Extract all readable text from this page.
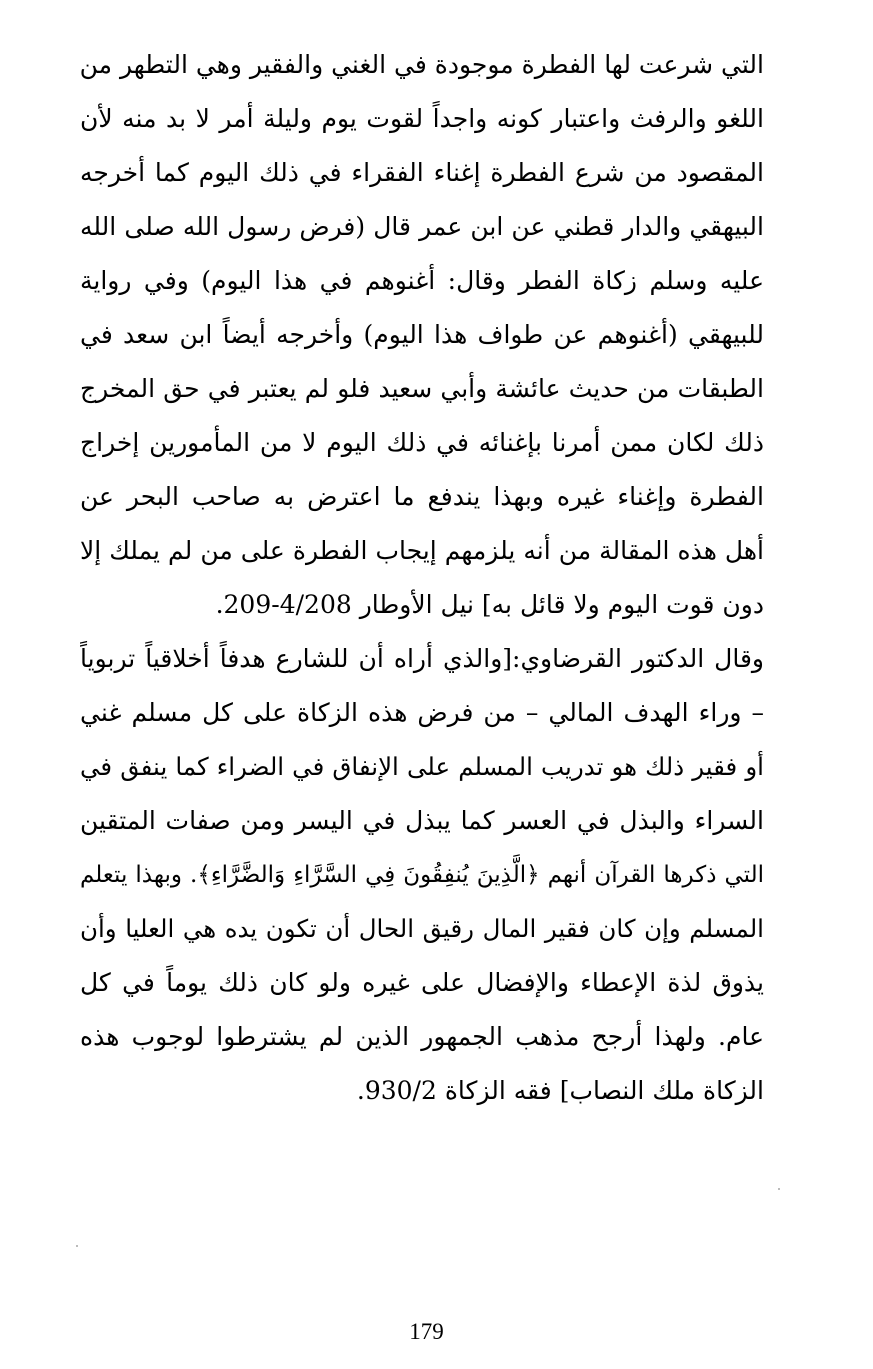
التي شرعت لها الفطرة موجودة في الغني والفقير وهي التطهر من
اللغو والرفث واعتبار كونه واجداً لقوت يوم وليلة أمر لا بد منه لأن
المقصود من شرع الفطرة إغناء الفقراء في ذلك اليوم كما أخرجه
البيهقي والدار قطني عن ابن عمر قال (فرض رسول الله صلى الله
عليه وسلم زكاة الفطر وقال: أغنوهم في هذا اليوم) وفي رواية
للبيهقي (أغنوهم عن طواف هذا اليوم) وأخرجه أيضاً ابن سعد في
الطبقات من حديث عائشة وأبي سعيد فلو لم يعتبر في حق المخرج
ذلك لكان ممن أمرنا بإغنائه في ذلك اليوم لا من المأمورين إخراج
الفطرة وإغناء غيره وبهذا يندفع ما اعترض به صاحب البحر عن
أهل هذه المقالة من أنه يلزمهم إيجاب الفطرة على من لم يملك إلا
دون قوت اليوم ولا قائل به] نيل الأوطار 4/208-209.
وقال الدكتور القرضاوي:[والذي أراه أن للشارع هدفاً أخلاقياً تربوياً
– وراء الهدف المالي – من فرض هذه الزكاة على كل مسلم غني
أو فقير ذلك هو تدريب المسلم على الإنفاق في الضراء كما ينفق في
السراء والبذل في العسر كما يبذل في اليسر ومن صفات المتقين
التي ذكرها القرآن أنهم ﴿الَّذِينَ يُنفِقُونَ فِي السَّرَّاءِ وَالضَّرَّاءِ﴾. وبهذا يتعلم
المسلم وإن كان فقير المال رقيق الحال أن تكون يده هي العليا وأن
يذوق لذة الإعطاء والإفضال على غيره ولو كان ذلك يوماً في كل
عام. ولهذا أرجح مذهب الجمهور الذين لم يشترطوا لوجوب هذه
الزكاة ملك النصاب] فقه الزكاة 930/2.
179
